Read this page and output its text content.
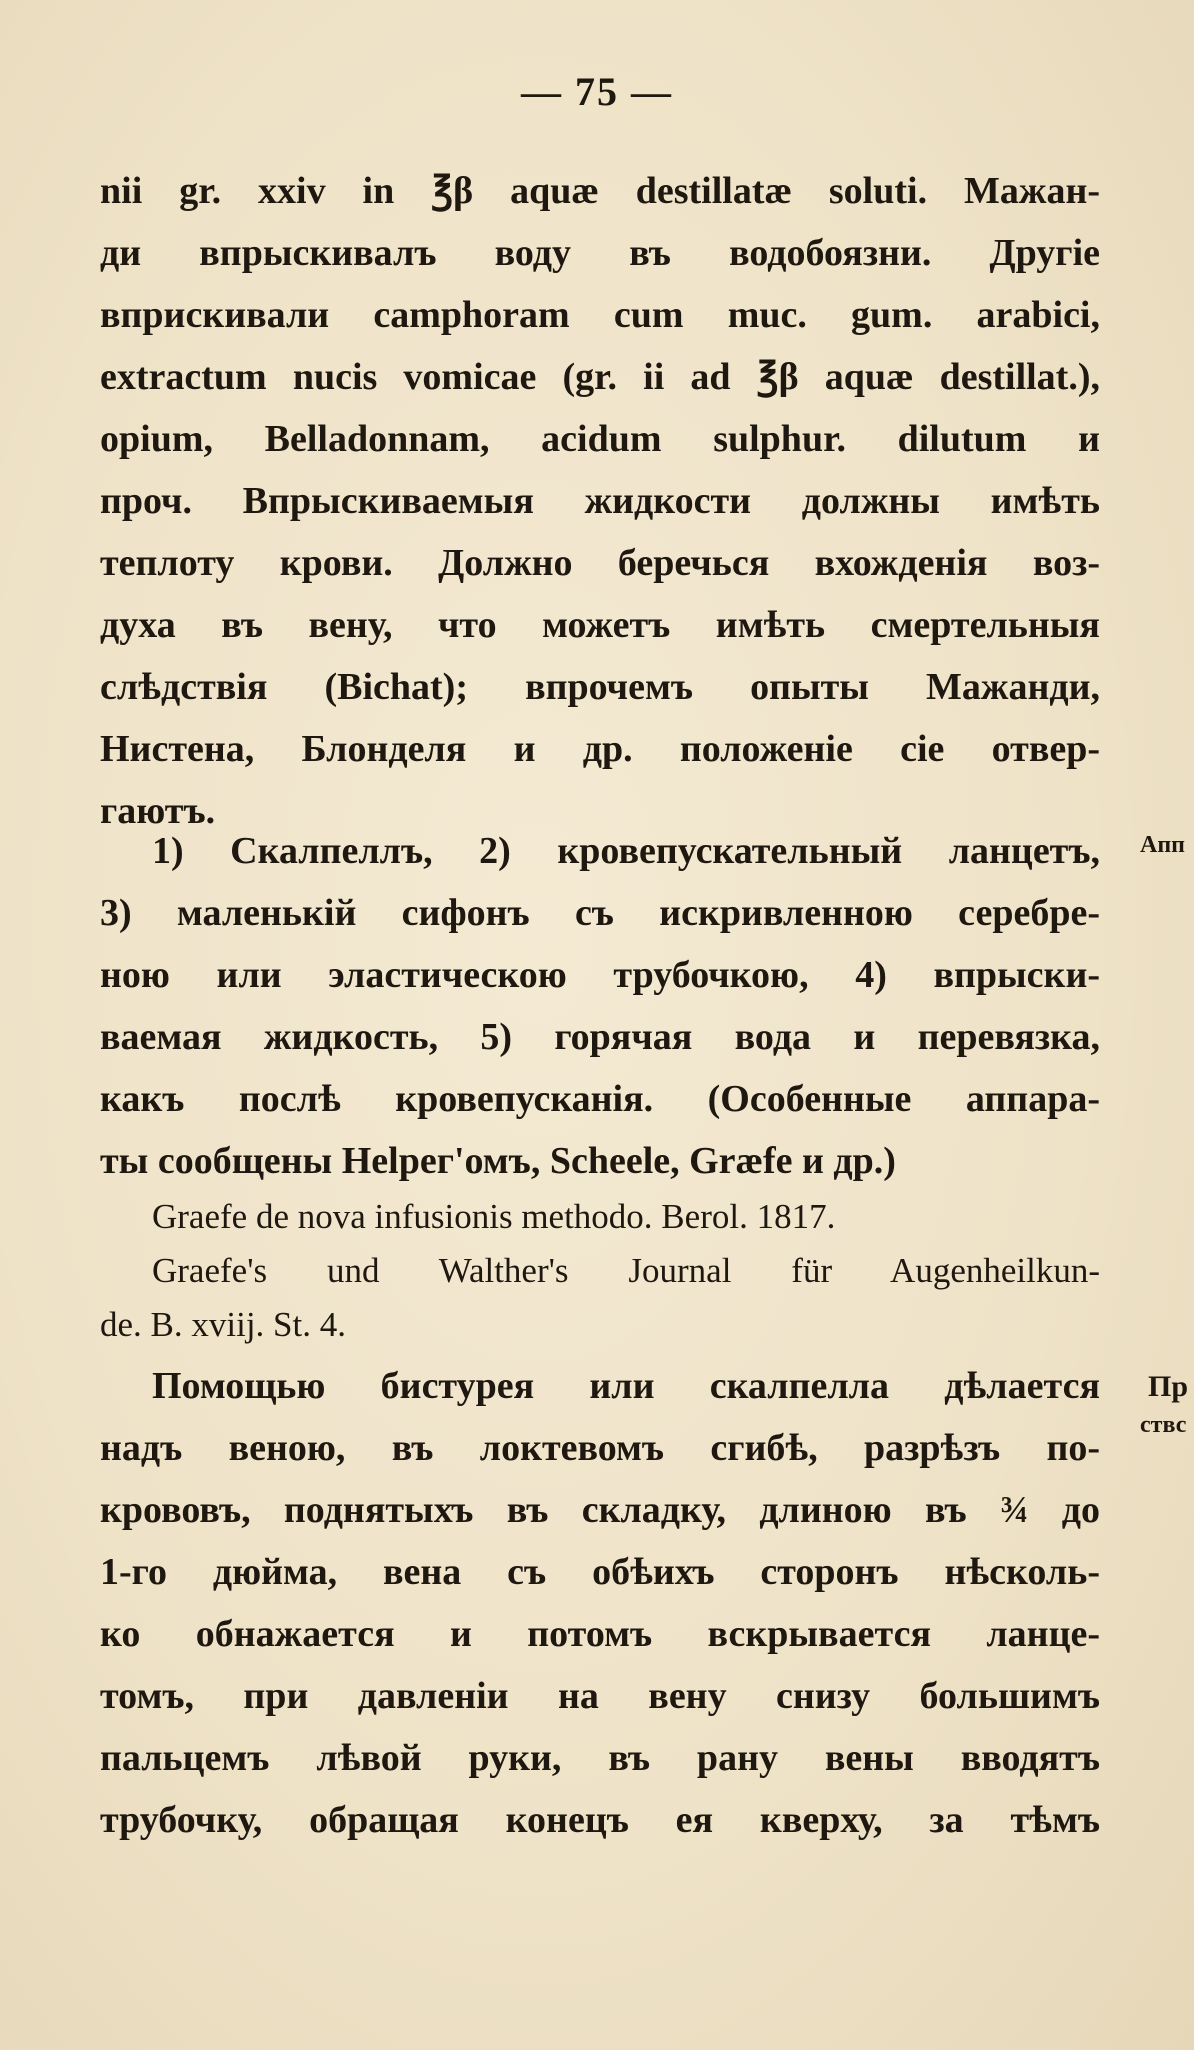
— 75 —
nii gr. xxiv in ℥β aquæ destillatæ soluti. Мажан-
ди впрыскивалъ воду въ водобоязни. Другіе
вприскивали camphoram cum muc. gum. arabici,
extractum nucis vomicae (gr. ii ad ℥β aquæ destillat.),
opium, Belladonnam, acidum sulphur. dilutum и
проч. Впрыскиваемыя жидкости должны имѣть
теплоту крови. Должно беречься вхожденія воз-
духа въ вену, что можетъ имѣть смертельныя
слѣдствія (Bichat); впрочемъ опыты Мажанди,
Нистена, Блонделя и др. положеніе сіе отвер-
гаютъ.
1) Скалпеллъ, 2) кровепускательный ланцетъ,
3) маленькій сифонъ съ искривленною серебре-
ною или эластическою трубочкою, 4) впрыски-
ваемая жидкость, 5) горячая вода и перевязка,
какъ послѣ кровепусканія. (Особенные аппара-
ты сообщены Helpeг'омъ, Scheele, Græfe и др.)
Graefe de nova infusionis methodo. Berol. 1817.
Graefe's und Walther's Journal für Augenheilkun-
de. B. xviij. St. 4.
Помощью бистурея или скалпелла дѣлается
надъ веною, въ локтевомъ сгибѣ, разрѣзъ по-
крововъ, поднятыхъ въ складку, длиною въ ¾ до
1-го дюйма, вена съ обѣихъ сторонъ нѣсколь-
ко обнажается и потомъ вскрывается ланце-
томъ, при давленіи на вену снизу большимъ
пальцемъ лѣвой руки, въ рану вены вводятъ
трубочку, обращая конецъ ея кверху, за тѣмъ
Апп
Пр
ствс
